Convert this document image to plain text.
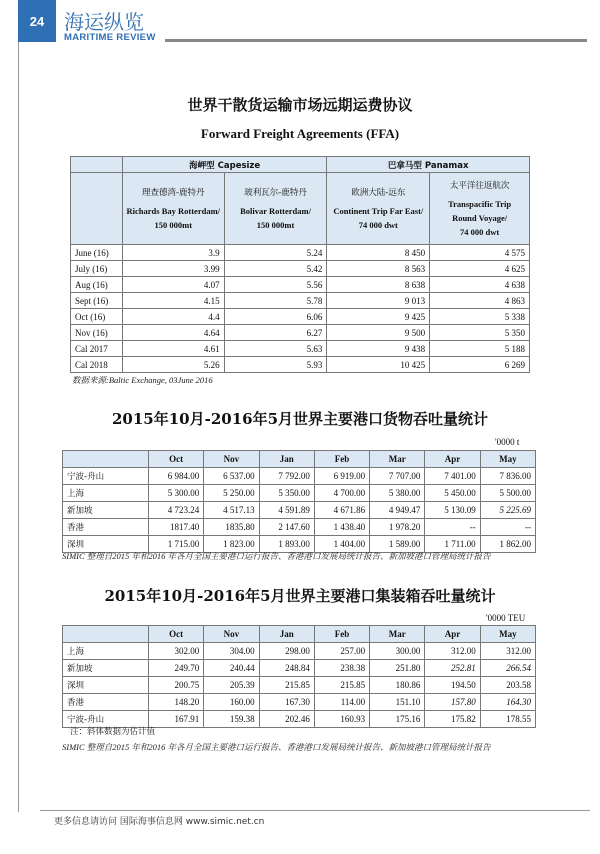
24 海运纵览
MARITIME REVIEW
世界干散货运输市场远期运费协议
Forward Freight Agreements (FFA)
	海岬型 Capesize		巴拿马型 Panamax	

	理查德湾-鹿特丹
Richards Bay Rotterdam/
150 000mt	玻利瓦尔-鹿特丹
Bolivar Rotterdam/
150 000mt	欧洲大陆-远东
Continent Trip Far East/
74 000 dwt	太平洋往返航次
Transpacific Trip
Round Voyage/
74 000 dwt
June (16)	3.9	5.24	8 450	4 575
July (16)	3.99	5.42	8 563	4 625
Aug (16)	4.07	5.56	8 638	4 638
Sept (16)	4.15	5.78	9 013	4 863
Oct (16)	4.4	6.06	9 425	5 338
Nov (16)	4.64	6.27	9 500	5 350
Cal 2017	4.61	5.63	9 438	5 188
Cal 2018	5.26	5.93	10 425	6 269
数据来源:Baltic Exchange, 03June 2016
2015年10月-2016年5月世界主要港口货物吞吐量统计
'0000 t
	Oct	Nov	Jan	Feb	Mar	Apr	May
宁波-舟山	6 984.00	6 537.00	7 792.00	6 919.00	7 707.00	7 401.00	7 836.00
上海	5 300.00	5 250.00	5 350.00	4 700.00	5 380.00	5 450.00	5 500.00
新加坡	4 723.24	4 517.13	4 591.89	4 671.86	4 949.47	5 130.09	5 225.69
香港	1817.40	1835.80	2 147.60	1 438.40	1 978.20	--	--
深圳	1 715.00	1 823.00	1 893.00	1 404.00	1 589.00	1 711.00	1 862.00
SIMIC 整理自2015 年和2016 年各月全国主要港口运行报告、香港港口发展局统计报告、新加坡港口管理局统计报告
2015年10月-2016年5月世界主要港口集装箱吞吐量统计
'0000 TEU
	Oct	Nov	Jan	Feb	Mar	Apr	May
上海	302.00	304.00	298.00	257.00	300.00	312.00	312.00
新加坡	249.70	240.44	248.84	238.38	251.80	252.81	266.54
深圳	200.75	205.39	215.85	215.85	180.86	194.50	203.58
香港	148.20	160.00	167.30	114.00	151.10	157.80	164.30
宁波-舟山	167.91	159.38	202.46	160.93	175.16	175.82	178.55
注：斜体数据为估计值
SIMIC 整理自2015 年和2016 年各月全国主要港口运行报告、香港港口发展局统计报告、新加坡港口管理局统计报告
更多信息请访问 国际海事信息网 www.simic.net.cn
